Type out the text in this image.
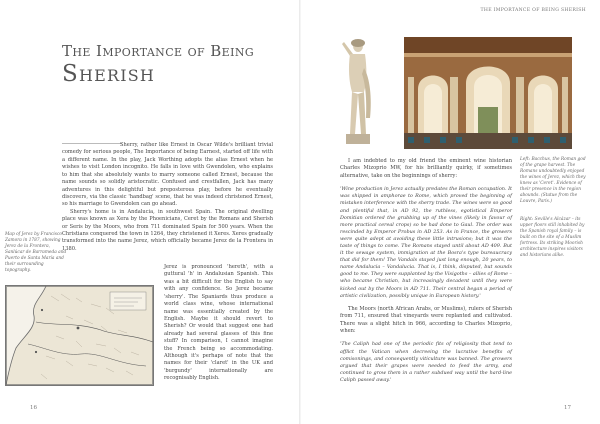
THE IMPORTANCE OF BEING SHERISH
The Importance of Being
Sherish

Sherry, rather like Ernest in Oscar Wilde's brilliant trivial comedy for serious people, The Importance of being Earnest, started off life with a different name. In the play, Jack Worthing adopts the alias Ernest when he wishes to visit London incognito. He falls in love with Gwendolen, who explains to him that she absolutely wants to marry someone called Ernest, because the name sounds so solidly aristocratic. Confused and crestfallen, Jack has many adventures in this delightful but preposterous play, before he eventually discovers, via the classic 'handbag' scene, that he was indeed christened Ernest, so his marriage to Gwendolen can go ahead.

Sherry's home is in Andalucia, in southwest Spain. The original dwelling place was known as Xera by the Phoenicians, Ceret by the Romans and Sherish or Seris by the Moors, who from 711 dominated Spain for 500 years. When the Christians conquered the town in 1264, they christened it Xeres. Xeres gradually transformed into the name Jerez, which officially became Jerez de la Frontera in 1380.

Jerez is pronounced 'hereth', with a guttural 'h' in Andalusian Spanish. This was a bit difficult for the English to say with any confidence. So Jerez became 'sherry'. The Spaniards thus produce a world class wine, whose international name was essentially created by the English. Maybe it should revert to Sherish? Or would that suggest one had already had several glasses of this fine stuff? In comparison, I cannot imagine the French being so accommodating. Although it's perhaps of note that the names for their 'claret' in the UK and 'burgundy' internationally are recognisably English.

Map of Jerez by Francisco Zamora in 1787, showing Jerez de la Frontera, Sanlúcar de Barrameda and Puerto de Santa María and their surrounding topography.
16
Left: Bacchus, the Roman god of the grape harvest. The Romans undoubtedly enjoyed the wines of Jerez, which they knew as 'Ceret'. Evidence of their presence in the region abounds. (Statue from the Louvre, Paris.)
Right: Seville's Alcázar – its upper floors still inhabited by the Spanish royal family – is built on the site of a Muslim fortress. Its striking Moorish architecture inspires visitors and historians alike.

I am indebted to my old friend the eminent wine historian Charles Mizoprio MW, for his brilliantly quirky, if sometimes alternative, take on the beginnings of sherry:

'Wine production in Jerez actually predates the Roman occupation. It was shipped in amphorae to Rome, which proved the beginning of mistaken interference with the sherry trade. The wines were so good and plentiful that, in AD 92, the ruthless, egotistical Emperor Domitian ordered the grubbing up of the vines (likely in favour of more practical cereal crops) so he had done to Gaul. The order was rescinded by Emperor Probus in AD 253. As in France, the growers were quite adept at avoiding these little intrusions; but it was the taste of things to come. The Romans stayed until about AD 409. But it the sewage system, immigration at the Bosra's type bureaucracy that did for them! The Vandals stayed just long enough, 20 years, to name Andalucia – Vandalucia. That is, I think, disputed, but sounds good to me. They were supplanted by the Visigoths – allies of Rome – who became Christian, but increasingly decadent until they were kicked out by the Moors in AD 711. Their central began a period of artistic civilization, possibly unique in European history.'

The Moors (north African Arabs, or Muslims), rulers of Sherish from 711, ensured that vineyards were replanted and cultivated. There was a slight hitch in 966, according to Charles Mizoprio, when:

'The Caliph had one of the periodic fits of religiosity that tend to afflict the Vatican when decreeing the lucrative benefits of comisonings, and consequently viticulture was banned. The growers argued that their grapes were needed to feed the army, and continued to grow them in a rather subdued way until the hard-line Caliph passed away.'

17
